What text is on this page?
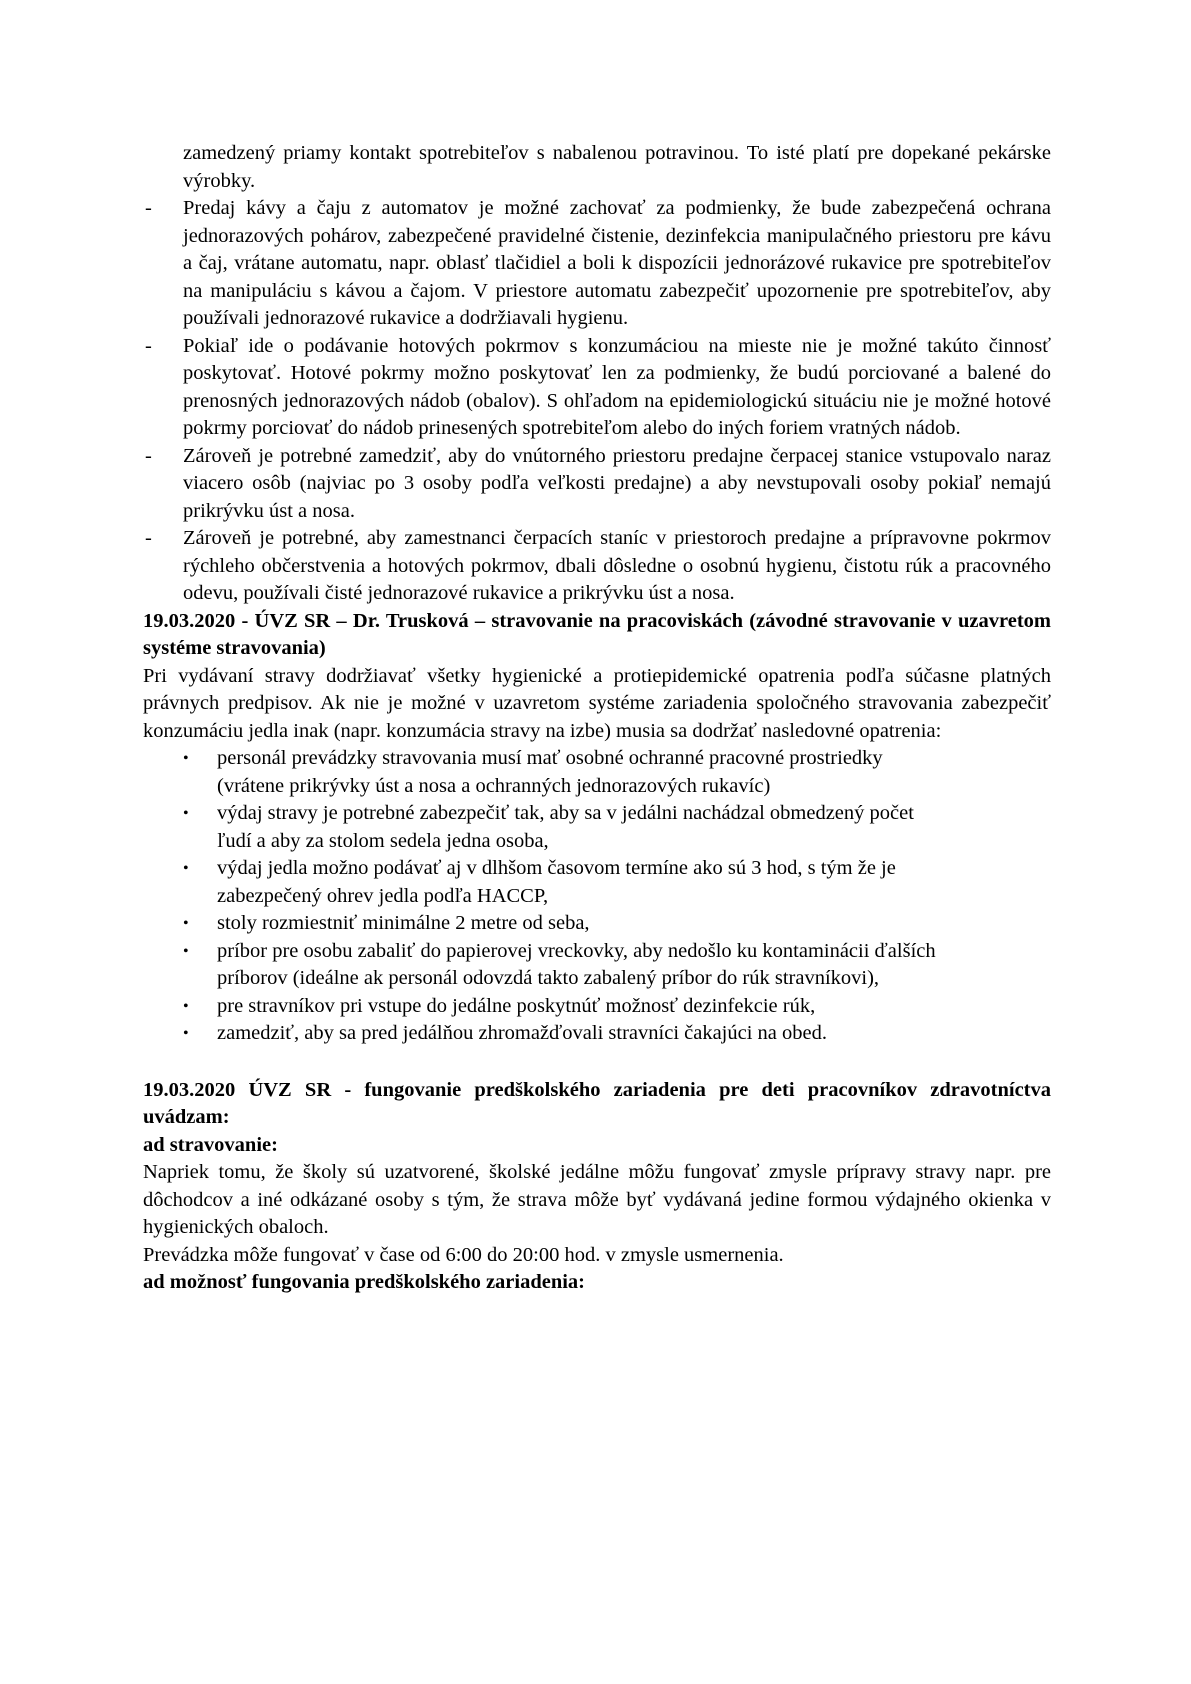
zamedzený priamy kontakt spotrebiteľov s nabalenou potravinou. To isté platí pre dopekané pekárske výrobky.

- Predaj kávy a čaju z automatov je možné zachovať za podmienky, že bude zabezpečená ochrana jednorazových pohárov, zabezpečené pravidelné čistenie, dezinfekcia manipulačného priestoru pre kávu a čaj, vrátane automatu, napr. oblasť tlačidiel a boli k dispozícii jednorázové rukavice pre spotrebiteľov na manipuláciu s kávou a čajom. V priestore automatu zabezpečiť upozornenie pre spotrebiteľov, aby používali jednorazové rukavice a dodržiavali hygienu.
- Pokiaľ ide o podávanie hotových pokrmov s konzumáciou na mieste nie je možné takúto činnosť poskytovať. Hotové pokrmy možno poskytovať len za podmienky, že budú porciované a balené do prenosných jednorazových nádob (obalov). S ohľadom na epidemiologickú situáciu nie je možné hotové pokrmy porciovať do nádob prinesených spotrebiteľom alebo do iných foriem vratných nádob.
- Zároveň je potrebné zamedziť, aby do vnútorného priestoru predajne čerpacej stanice vstupovalo naraz viacero osôb (najviac po 3 osoby podľa veľkosti predajne) a aby nevstupovali osoby pokiaľ nemajú prikrývku úst a nosa.
- Zároveň je potrebné, aby zamestnanci čerpacích staníc v priestoroch predajne a prípravovne pokrmov rýchleho občerstvenia a hotových pokrmov, dbali dôsledne o osobnú hygienu, čistotu rúk a pracovného odevu, používali čisté jednorazové rukavice a prikrývku úst a nosa.

19.03.2020 - ÚVZ SR – Dr. Trusková – stravovanie na pracoviskách (závodné stravovanie v uzavretom systéme stravovania)

Pri vydávaní stravy dodržiavať všetky hygienické a protiepidemické opatrenia podľa súčasne platných právnych predpisov. Ak nie je možné v uzavretom systéme zariadenia spoločného stravovania zabezpečiť konzumáciu jedla inak (napr. konzumácia stravy na izbe) musia sa dodržať nasledovné opatrenia:

• personál prevádzky stravovania musí mať osobné ochranné pracovné prostriedky (vrátene prikrývky úst a nosa a ochranných jednorazových rukavíc)
• výdaj stravy je potrebné zabezpečiť tak, aby sa v jedálni nachádzal obmedzený počet ľudí a aby za stolom sedela jedna osoba,
• výdaj jedla možno podávať aj v dlhšom časovom termíne ako sú 3 hod, s tým že je zabezpečený ohrev jedla podľa HACCP,
• stoly rozmiestniť minimálne 2 metre od seba,
• príbor pre osobu zabaliť do papierovej vreckovky, aby nedošlo ku kontaminácii ďalších príborov (ideálne ak personál odovzdá takto zabalený príbor do rúk stravníkovi),
• pre stravníkov pri vstupe do jedálne poskytnúť možnosť dezinfekcie rúk,
• zamedziť, aby sa pred jedálňou zhromažďovali stravníci čakajúci na obed.

19.03.2020 ÚVZ SR - fungovanie predškolského zariadenia pre deti pracovníkov zdravotníctva uvádzam:

ad stravovanie:

Napriek tomu, že školy sú uzatvorené, školské jedálne môžu fungovať zmysle prípravy stravy napr. pre dôchodcov a iné odkázané osoby s tým, že strava môže byť vydávaná jedine formou výdajného okienka v hygienických obaloch.

Prevádzka môže fungovať v čase od 6:00 do 20:00 hod. v zmysle usmernenia.

ad možnosť fungovania predškolského zariadenia:
